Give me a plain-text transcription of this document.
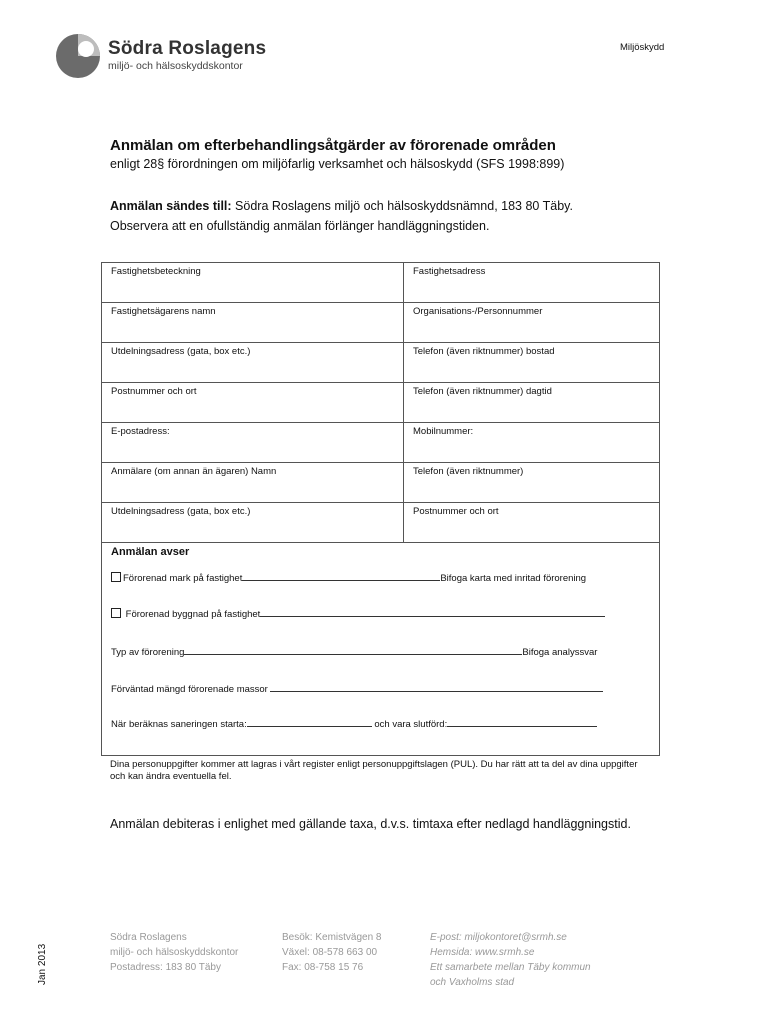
Södra Roslagens
miljö- och hälsoskyddskontor
Miljöskydd
Anmälan om efterbehandlingsåtgärder av förorenade områden
enligt 28§ förordningen om miljöfarlig verksamhet och hälsoskydd (SFS 1998:899)
Anmälan sändes till: Södra Roslagens miljö och hälsoskyddsnämnd, 183 80 Täby.
Observera att en ofullständig anmälan förlänger handläggningstiden.
Fastighetsbeteckning	Fastighetsadress
Fastighetsägarens namn	Organisations-/Personnummer
Utdelningsadress (gata, box etc.)	Telefon (även riktnummer) bostad
Postnummer och ort	Telefon (även riktnummer) dagtid
E-postadress:	Mobilnummer:
Anmälare (om annan än ägaren) Namn	Telefon (även riktnummer)
Utdelningsadress (gata, box etc.)	Postnummer och ort
Anmälan avser
Förorenad mark på fastighet	Bifoga karta med inritad förorening
Förorenad byggnad på fastighet
Typ av förorening	Bifoga analyssvar
Förväntad mängd förorenade massor
När beräknas saneringen starta:	och vara slutförd:
Dina personuppgifter kommer att lagras i vårt register enligt personuppgiftslagen (PUL). Du har rätt att ta del av dina uppgifter och kan ändra eventuella fel.
Anmälan debiteras i enlighet med gällande taxa, d.v.s. timtaxa efter nedlagd handläggningstid.
Södra Roslagens
miljö- och hälsoskyddskontor
Postadress: 183 80 Täby
Besök: Kemistvägen 8
Växel: 08-578 663 00
Fax: 08-758 15 76
E-post: miljokontoret@srmh.se
Hemsida: www.srmh.se
Ett samarbete mellan Täby kommun
och Vaxholms stad
Jan 2013
